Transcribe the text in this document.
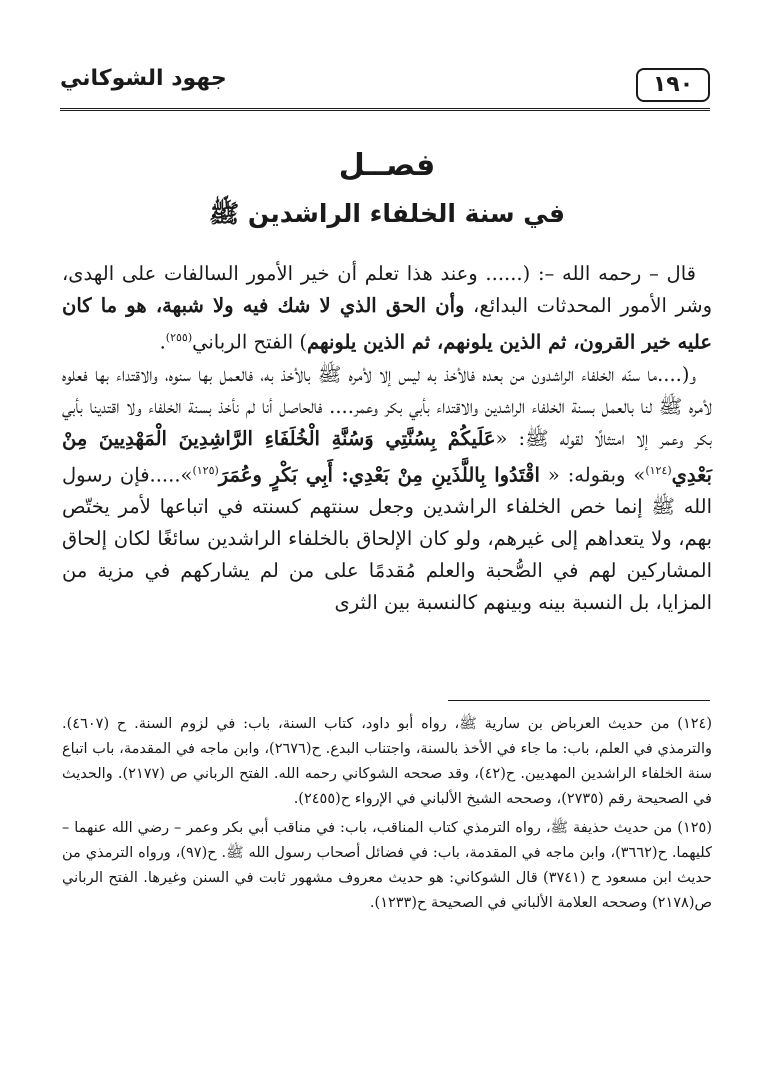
١٩٠
جهود الشوكاني
فصــل
في سنة الخلفاء الراشدين ﷺ

قال – رحمه الله –: (...... وعند هذا تعلم أن خير الأمور السالفات على الهدى، وشر الأمور المحدثات البدائع، وأن الحق الذي لا شك فيه ولا شبهة، هو ما كان عليه خير القرون، ثم الذين يلونهم، ثم الذين يلونهم) الفتح الرباني$^{(٢٥٥)}$.

و(....ما سنّه الخلفاء الراشدون من بعده فالأخذ به ليس إلا لأمره ﷺ بالأخذ به، فالعمل بها سنوه، والاقتداء بها فعلوه لأمره ﷺ لنا بالعمل بسنة الخلفاء الراشدين والاقتداء بأبي بكر وعمر.... فالحاصل أنا لم نأخذ بسنة الخلفاء ولا اقتدينا بأبي بكر وعمر إلا امتثالًا لقوله ﷺ: «عَلَيكُمْ بِسُنَّتِي وَسُنَّةِ الْخُلَفَاءِ الرَّاشِدِينَ الْمَهْدِيينَ مِنْ بَعْدِي$^{(١٢٤)}$» وبقوله: « اقْتَدُوا بِاللَّذَينِ مِنْ بَعْدِي: أَبِي بَكْرٍ وعُمَرَ$^{(١٢٥)}$».....فإن رسول الله ﷺ إنما خص الخلفاء الراشدين وجعل سنتهم كسنته في اتباعها لأمر يختّص بهم، ولا يتعداهم إلى غيرهم، ولو كان الإلحاق بالخلفاء الراشدين سائغًا لكان إلحاق المشاركين لهم في الصُّحبة والعلم مُقدمًا على من لم يشاركهم في مزية من المزايا، بل النسبة بينه وبينهم كالنسبة بين الثرى

(١٢٤) من حديث العرباض بن سارية ﷺ، رواه أبو داود، كتاب السنة، باب: في لزوم السنة. ح (٤٦٠٧). والترمذي في العلم، باب: ما جاء في الأخذ بالسنة، واجتناب البدع. ح(٢٦٧٦)، وابن ماجه في المقدمة، باب اتباع سنة الخلفاء الراشدين المهديين. ح(٤٢)، وقد صححه الشوكاني رحمه الله. الفتح الرباني ص (٢١٧٧). والحديث في الصحيحة رقم (٢٧٣٥)، وصححه الشيخ الألباني في الإرواء ح(٢٤٥٥).

(١٢٥) من حديث حذيفة ﷺ، رواه الترمذي كتاب المناقب، باب: في مناقب أبي بكر وعمر – رضي الله عنهما – كليهما. ح(٣٦٦٢)، وابن ماجه في المقدمة، باب: في فضائل أصحاب رسول الله ﷺ. ح(٩٧)، ورواه الترمذي من حديث ابن مسعود ح (٣٧٤١) قال الشوكاني: هو حديث معروف مشهور ثابت في السنن وغيرها. الفتح الرباني ص(٢١٧٨) وصححه العلامة الألباني في الصحيحة ح(١٢٣٣).
